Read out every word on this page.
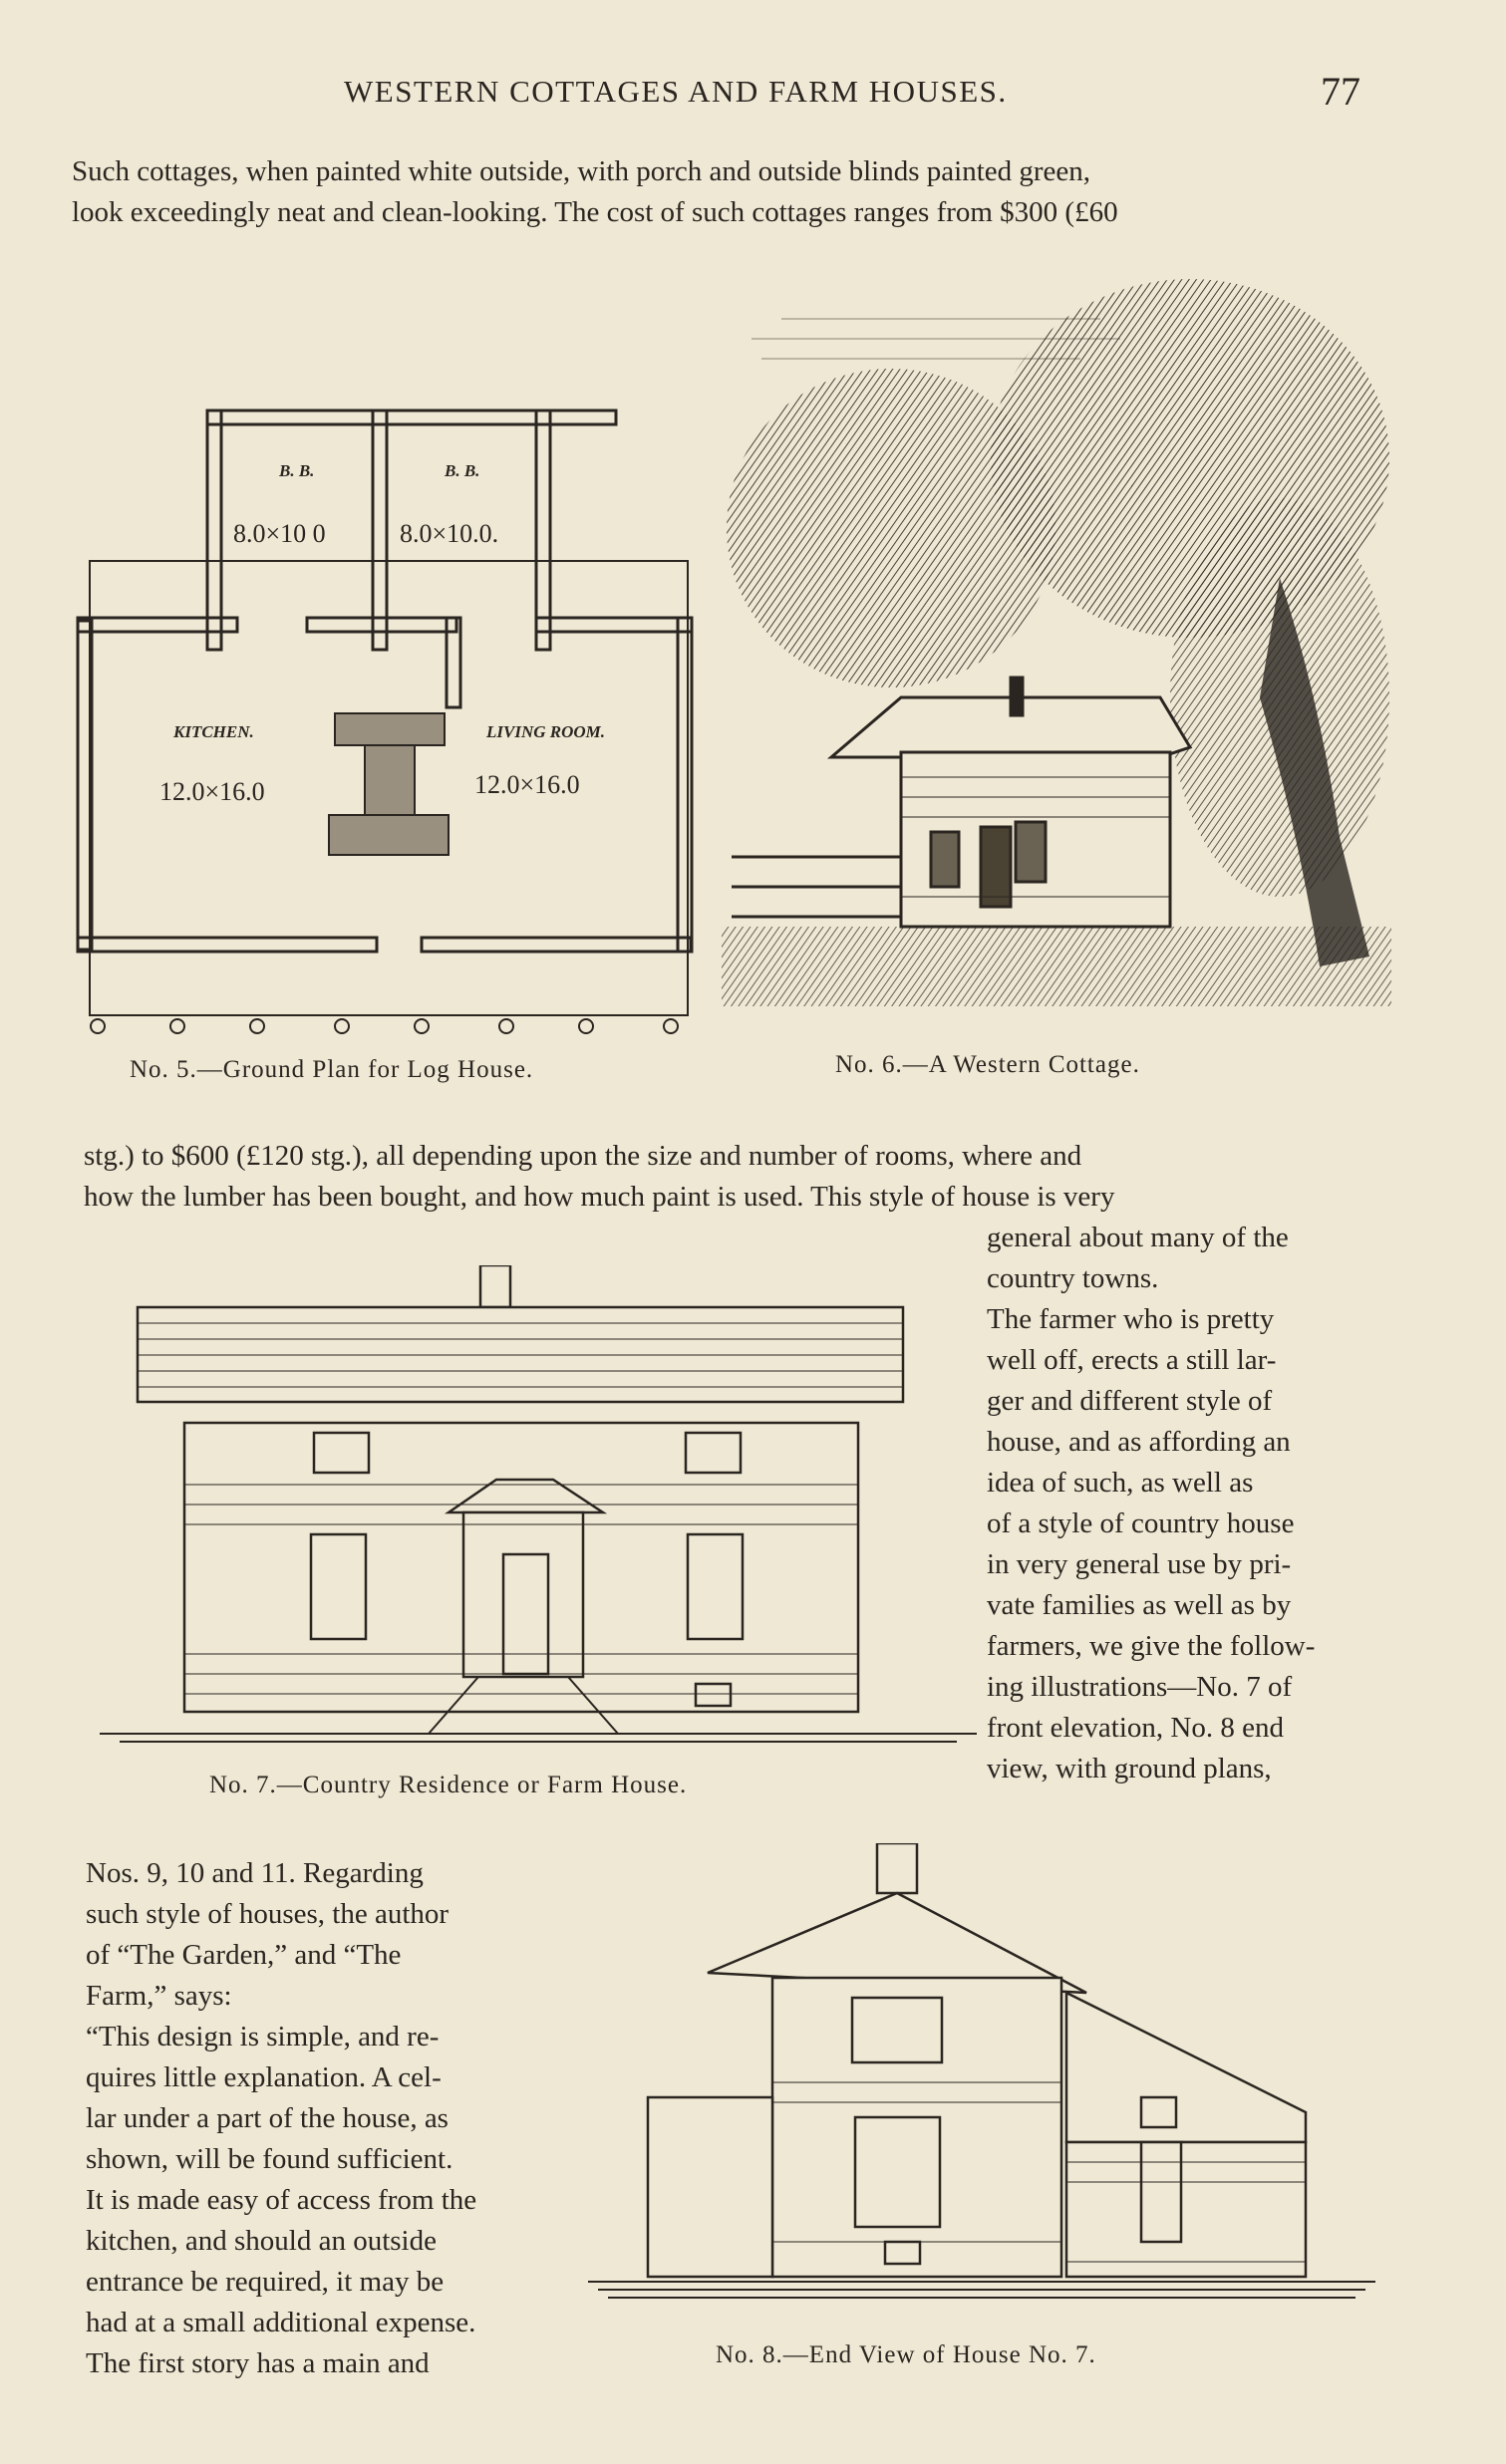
WESTERN COTTAGES AND FARM HOUSES.	77
Such cottages, when painted white outside, with porch and outside blinds painted green,
look exceedingly neat and clean-looking. The cost of such cottages ranges from $300 (£60
B. B.	B. B.
8.0×10 0	8.0×10.0.
KITCHEN.
12.0×16.0
LIVING ROOM.
12.0×16.0
No. 5.—Ground Plan for Log House.	No. 6.—A Western Cottage.
stg.) to $600 (£120 stg.), all depending upon the size and number of rooms, where and
how the lumber has been bought, and how much paint is used. This style of house is very
general about many of the
country towns.
The farmer who is pretty
well off, erects a still lar-
ger and different style of
house, and as affording an
idea of such, as well as
of a style of country house
in very general use by pri-
vate families as well as by
farmers, we give the follow-
ing illustrations—No. 7 of
front elevation, No. 8 end
view, with ground plans,
No. 7.—Country Residence or Farm House.
Nos. 9, 10 and 11. Regarding
such style of houses, the author
of “The Garden,” and “The
Farm,” says:
“This design is simple, and re-
quires little explanation. A cel-
lar under a part of the house, as
shown, will be found sufficient.
It is made easy of access from the
kitchen, and should an outside
entrance be required, it may be
had at a small additional expense.
The first story has a main and	No. 8.—End View of House No. 7.
